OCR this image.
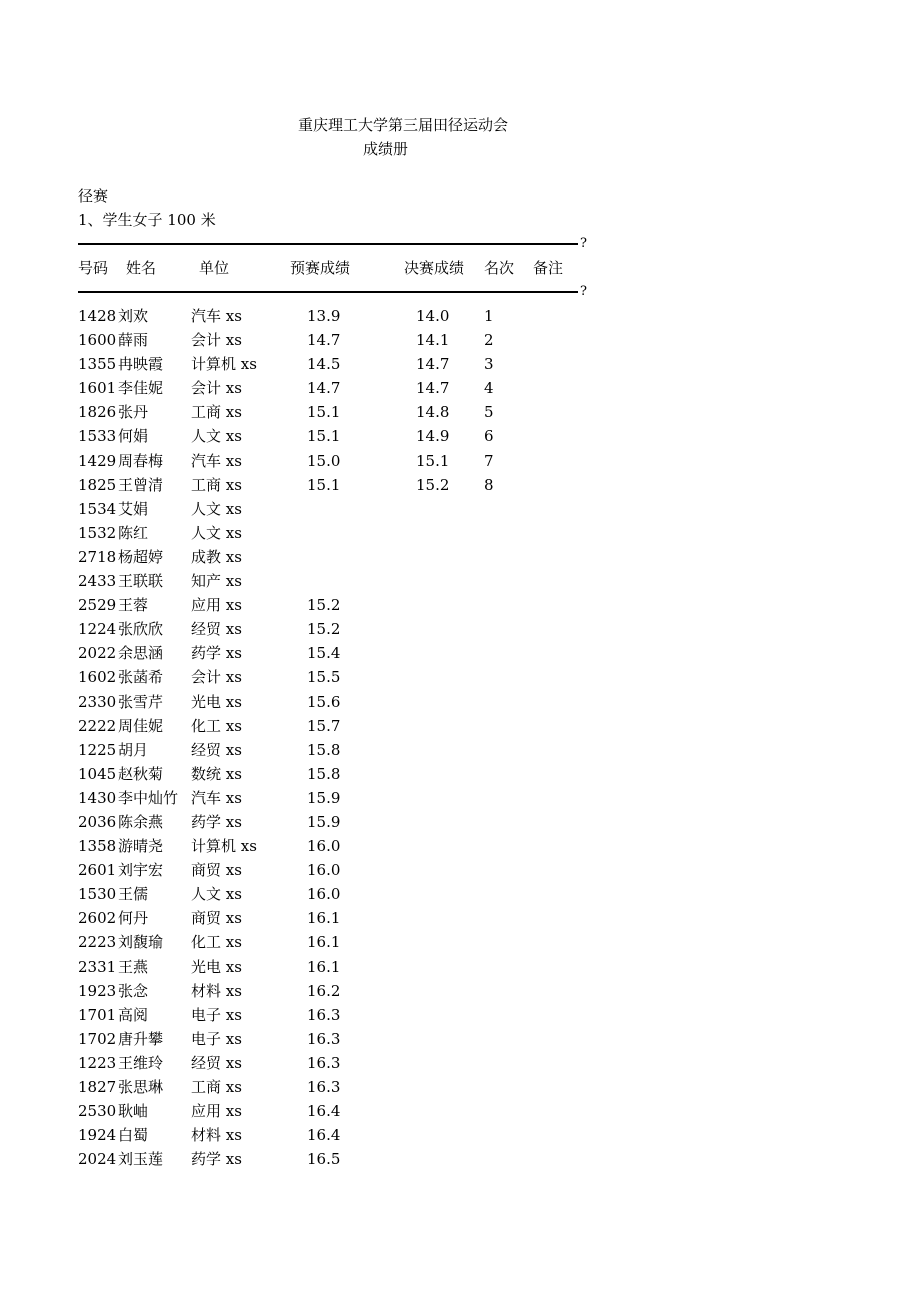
重庆理工大学第三届田径运动会
成绩册
径赛
1、学生女子 100 米
?
号码 姓名	单位	预赛成绩	决赛成绩 名次 备注
?
1428 刘欢	汽车 xs	13.9	14.0 1
1600 薛雨	会计 xs	14.7	14.1 2
1355 冉映霞 计算机 xs	14.5	14.7 3
1601 李佳妮 会计 xs	14.7	14.7 4
1826 张丹	工商 xs	15.1	14.8 5
1533 何娟	人文 xs	15.1	14.9 6
1429 周春梅 汽车 xs	15.0	15.1 7
1825 王曾清 工商 xs	15.1	15.2 8
1534 艾娟	人文 xs
1532 陈红	人文 xs
2718 杨超婷 成教 xs
2433 王联联 知产 xs
2529 王蓉	应用 xs	15.2
1224 张欣欣 经贸 xs	15.2
2022 余思涵 药学 xs	15.4
1602 张菡希 会计 xs	15.5
2330 张雪芹 光电 xs	15.6
2222 周佳妮 化工 xs	15.7
1225 胡月	经贸 xs	15.8
1045 赵秋菊 数统 xs	15.8
1430 李中灿竹 汽车 xs	15.9
2036 陈余燕 药学 xs	15.9
1358 游晴尧 计算机 xs	16.0
2601 刘宇宏 商贸 xs	16.0
1530 王儒	人文 xs	16.0
2602 何丹	商贸 xs	16.1
2223 刘馥瑜 化工 xs	16.1
2331 王燕	光电 xs	16.1
1923 张念	材料 xs	16.2
1701 高阅	电子 xs	16.3
1702 唐升攀 电子 xs	16.3
1223 王维玲 经贸 xs	16.3
1827 张思琳 工商 xs	16.3
2530 耿岫	应用 xs	16.4
1924 白蜀	材料 xs	16.4
2024 刘玉莲 药学 xs	16.5
